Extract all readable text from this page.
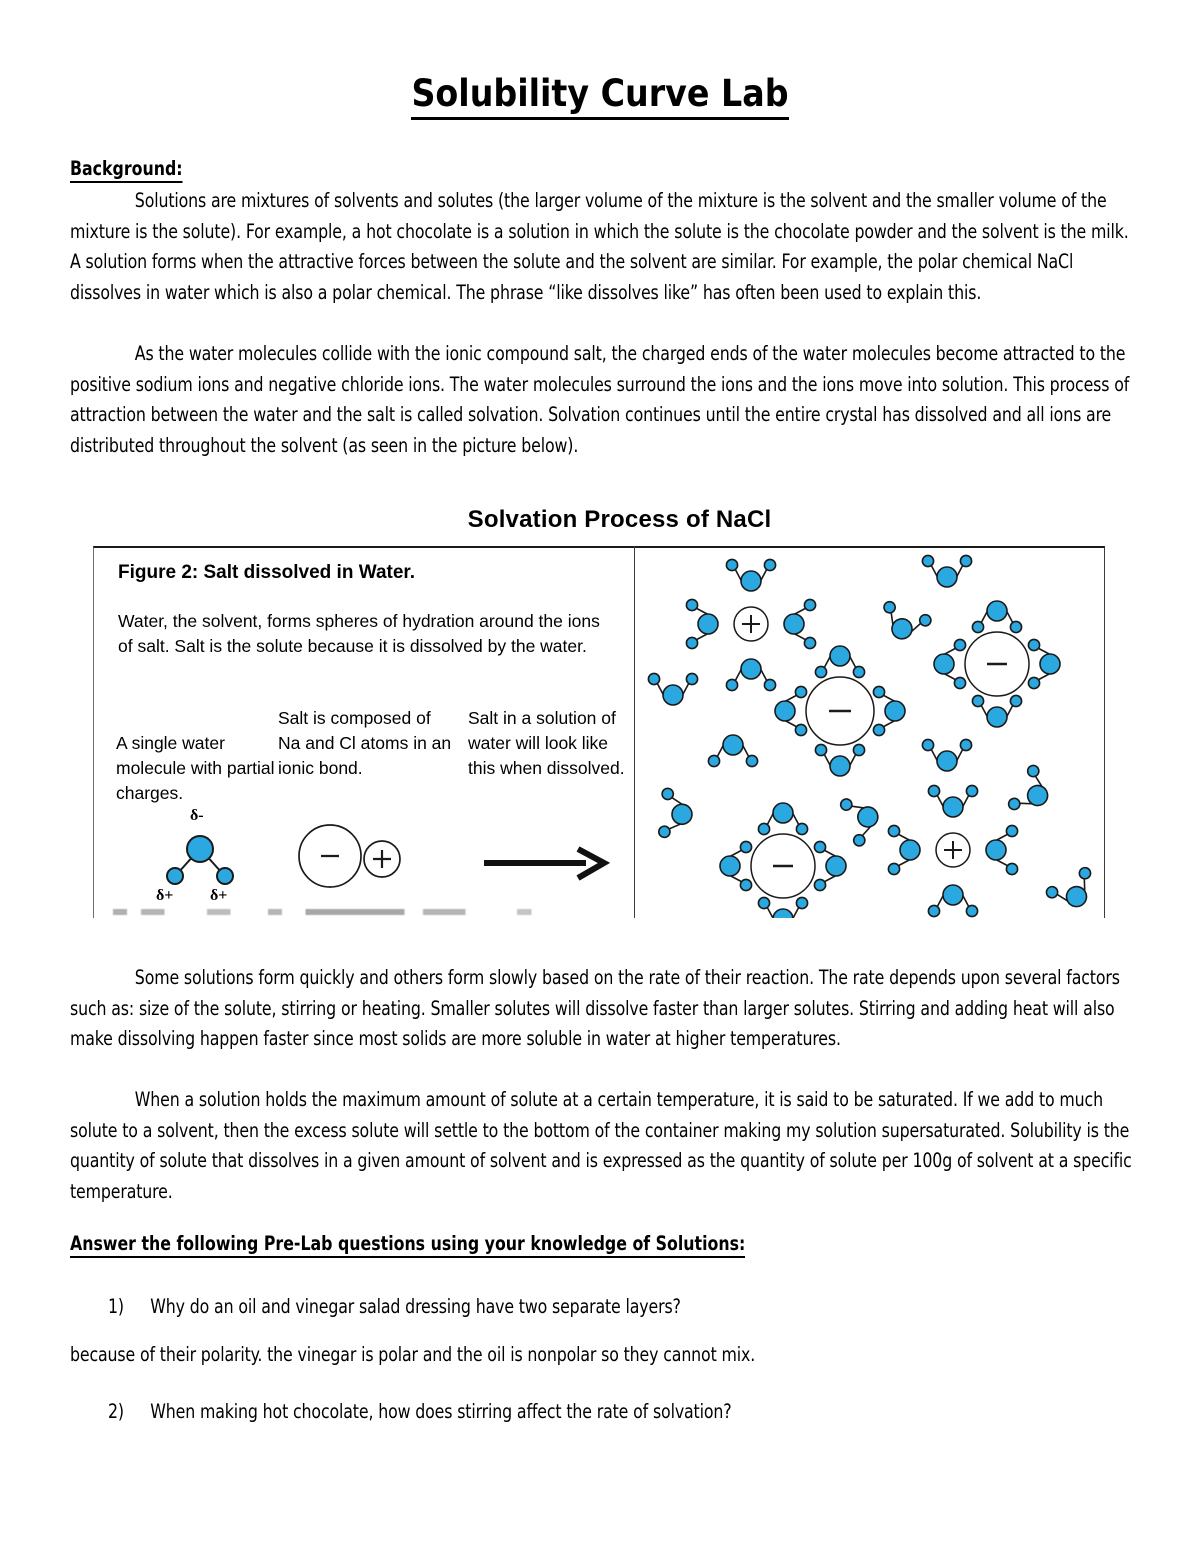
Solubility Curve Lab
Background:
Solutions are mixtures of solvents and solutes (the larger volume of the mixture is the solvent and the smaller volume of the mixture is the solute). For example, a hot chocolate is a solution in which the solute is the chocolate powder and the solvent is the milk. A solution forms when the attractive forces between the solute and the solvent are similar. For example, the polar chemical NaCl dissolves in water which is also a polar chemical. The phrase “like dissolves like” has often been used to explain this.
As the water molecules collide with the ionic compound salt, the charged ends of the water molecules become attracted to the positive sodium ions and negative chloride ions. The water molecules surround the ions and the ions move into solution. This process of attraction between the water and the salt is called solvation. Solvation continues until the entire crystal has dissolved and all ions are distributed throughout the solvent (as seen in the picture below).
Solvation Process of NaCl
Figure 2: Salt dissolved in Water.
Water, the solvent, forms spheres of hydration around the ions of salt. Salt is the solute because it is dissolved by the water.
A single water molecule with partial charges.
Salt is composed of Na and Cl atoms in an ionic bond.
Salt in a solution of water will look like this when dissolved.
δ-
δ+ δ+
Some solutions form quickly and others form slowly based on the rate of their reaction. The rate depends upon several factors such as: size of the solute, stirring or heating. Smaller solutes will dissolve faster than larger solutes. Stirring and adding heat will also make dissolving happen faster since most solids are more soluble in water at higher temperatures.
When a solution holds the maximum amount of solute at a certain temperature, it is said to be saturated. If we add to much solute to a solvent, then the excess solute will settle to the bottom of the container making my solution supersaturated. Solubility is the quantity of solute that dissolves in a given amount of solvent and is expressed as the quantity of solute per 100g of solvent at a specific temperature.
Answer the following Pre-Lab questions using your knowledge of Solutions:
1)	Why do an oil and vinegar salad dressing have two separate layers?
because of their polarity. the vinegar is polar and the oil is nonpolar so they cannot mix.
2)	When making hot chocolate, how does stirring affect the rate of solvation?
